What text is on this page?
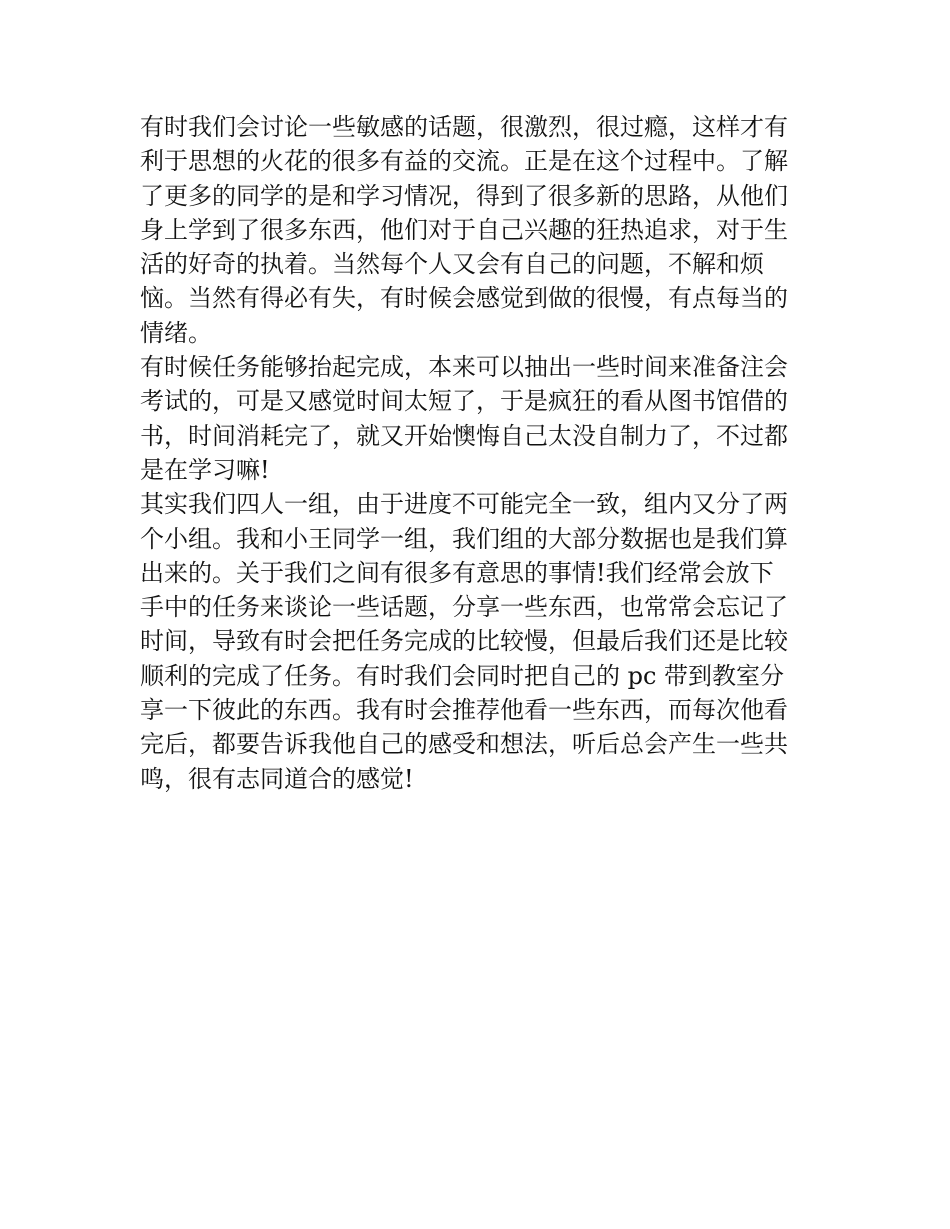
有时我们会讨论一些敏感的话题，很激烈，很过瘾，这样才有
利于思想的火花的很多有益的交流。正是在这个过程中。了解
了更多的同学的是和学习情况，得到了很多新的思路，从他们
身上学到了很多东西，他们对于自己兴趣的狂热追求，对于生
活的好奇的执着。当然每个人又会有自己的问题，不解和烦
恼。当然有得必有失，有时候会感觉到做的很慢，有点每当的
情绪。
有时候任务能够抬起完成，本来可以抽出一些时间来准备注会
考试的，可是又感觉时间太短了，于是疯狂的看从图书馆借的
书，时间消耗完了，就又开始懊悔自己太没自制力了，不过都
是在学习嘛!
其实我们四人一组，由于进度不可能完全一致，组内又分了两
个小组。我和小王同学一组，我们组的大部分数据也是我们算
出来的。关于我们之间有很多有意思的事情!我们经常会放下
手中的任务来谈论一些话题，分享一些东西，也常常会忘记了
时间，导致有时会把任务完成的比较慢，但最后我们还是比较
顺利的完成了任务。有时我们会同时把自己的 pc 带到教室分
享一下彼此的东西。我有时会推荐他看一些东西，而每次他看
完后，都要告诉我他自己的感受和想法，听后总会产生一些共
鸣，很有志同道合的感觉!
